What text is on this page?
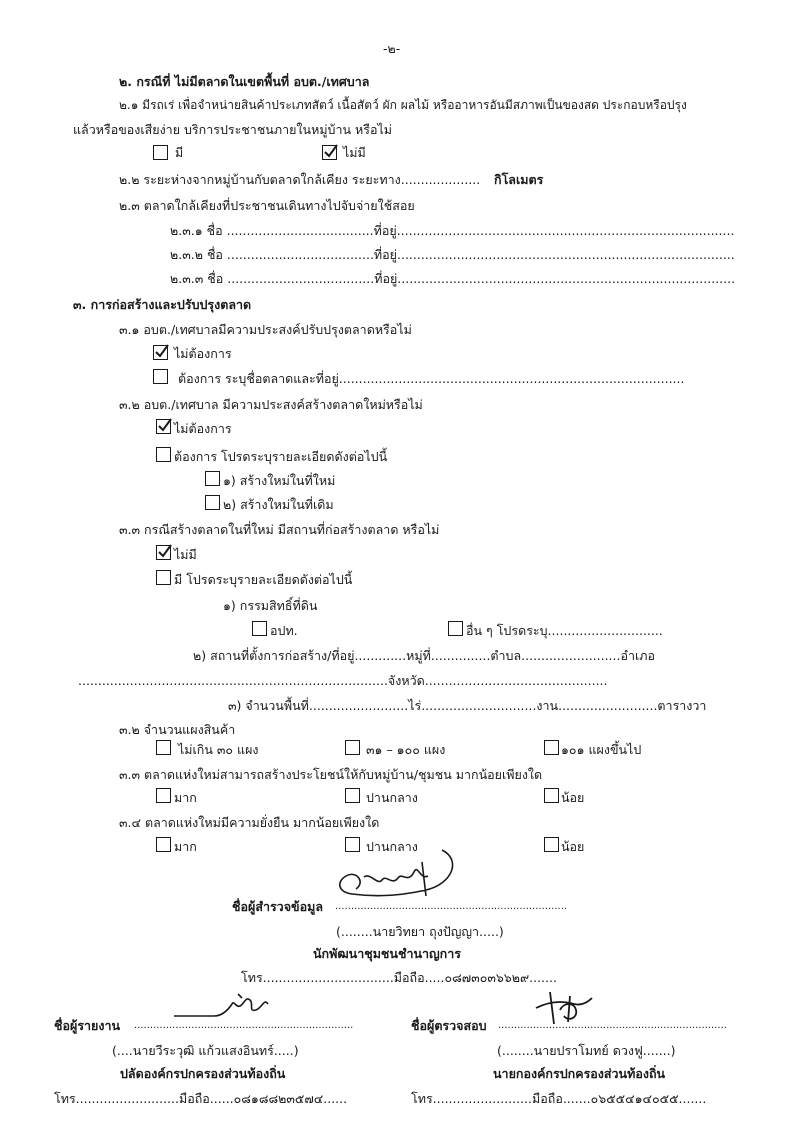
-๒-
๒. กรณีที่ ไม่มีตลาดในเขตพื้นที่ อบต./เทศบาล
๒.๑ มีรถเร่ เพื่อจำหน่ายสินค้าประเภทสัตว์ เนื้อสัตว์ ผัก ผลไม้ หรืออาหารอันมีสภาพเป็นของสด ประกอบหรือปรุง
แล้วหรือของเสียง่าย บริการประชาชนภายในหมู่บ้าน หรือไม่
มี	ไม่มี
๒.๒ ระยะห่างจากหมู่บ้านกับตลาดใกล้เคียง ระยะทาง.................... กิโลเมตร
๒.๓ ตลาดใกล้เคียงที่ประชาชนเดินทางไปจับจ่ายใช้สอย
๒.๓.๑ ชื่อ .....................................ที่อยู่.....................................................................................
๒.๓.๒ ชื่อ .....................................ที่อยู่.....................................................................................
๒.๓.๓ ชื่อ .....................................ที่อยู่.....................................................................................
๓. การก่อสร้างและปรับปรุงตลาด
๓.๑ อบต./เทศบาลมีความประสงค์ปรับปรุงตลาดหรือไม่
ไม่ต้องการ
ต้องการ ระบุชื่อตลาดและที่อยู่.......................................................................................
๓.๒ อบต./เทศบาล มีความประสงค์สร้างตลาดใหม่หรือไม่
ไม่ต้องการ
ต้องการ โปรดระบุรายละเอียดดังต่อไปนี้
๑) สร้างใหม่ในที่ใหม่
๒) สร้างใหม่ในที่เดิม
๓.๓ กรณีสร้างตลาดในที่ใหม่ มีสถานที่ก่อสร้างตลาด หรือไม่
ไม่มี
มี โปรดระบุรายละเอียดดังต่อไปนี้
๑) กรรมสิทธิ์ที่ดิน
อปท.	อื่น ๆ โปรดระบุ.............................
๒) สถานที่ตั้งการก่อสร้าง/ที่อยู่.............หมู่ที่...............ตำบล.........................อำเภอ
..............................................................................จังหวัด..............................................
๓) จำนวนพื้นที่.........................ไร่.............................งาน.........................ตารางวา
๓.๒ จำนวนแผงสินค้า
ไม่เกิน ๓๐ แผง	๓๑ – ๑๐๐ แผง	๑๐๑ แผงขึ้นไป
๓.๓ ตลาดแห่งใหม่สามารถสร้างประโยชน์ให้กับหมู่บ้าน/ชุมชน มากน้อยเพียงใด
มาก	ปานกลาง	น้อย
๓.๔ ตลาดแห่งใหม่มีความยั่งยืน มากน้อยเพียงใด
มาก	ปานกลาง	น้อย
ชื่อผู้สำรวจข้อมูล .........................................................................
(........นายวิทยา ถุงปัญญา.....)
นักพัฒนาชุมชนชำนาญการ
โทร.................................มือถือ.....๐๘๗๓๐๓๖๖๒๙.......
ชื่อผู้รายงาน .....................................................................
(....นายวีระวุฒิ แก้วแสงอินทร์.....)
ปลัดองค์กรปกครองส่วนท้องถิ่น
โทร..........................มือถือ......๐๘๑๘๘๒๓๕๗๔......
ชื่อผู้ตรวจสอบ ........................................................................
(........นายปราโมทย์ ดวงฟู.......)
นายกองค์กรปกครองส่วนท้องถิ่น
โทร.........................มือถือ.......๐๖๕๕๔๑๔๐๕๕.......
